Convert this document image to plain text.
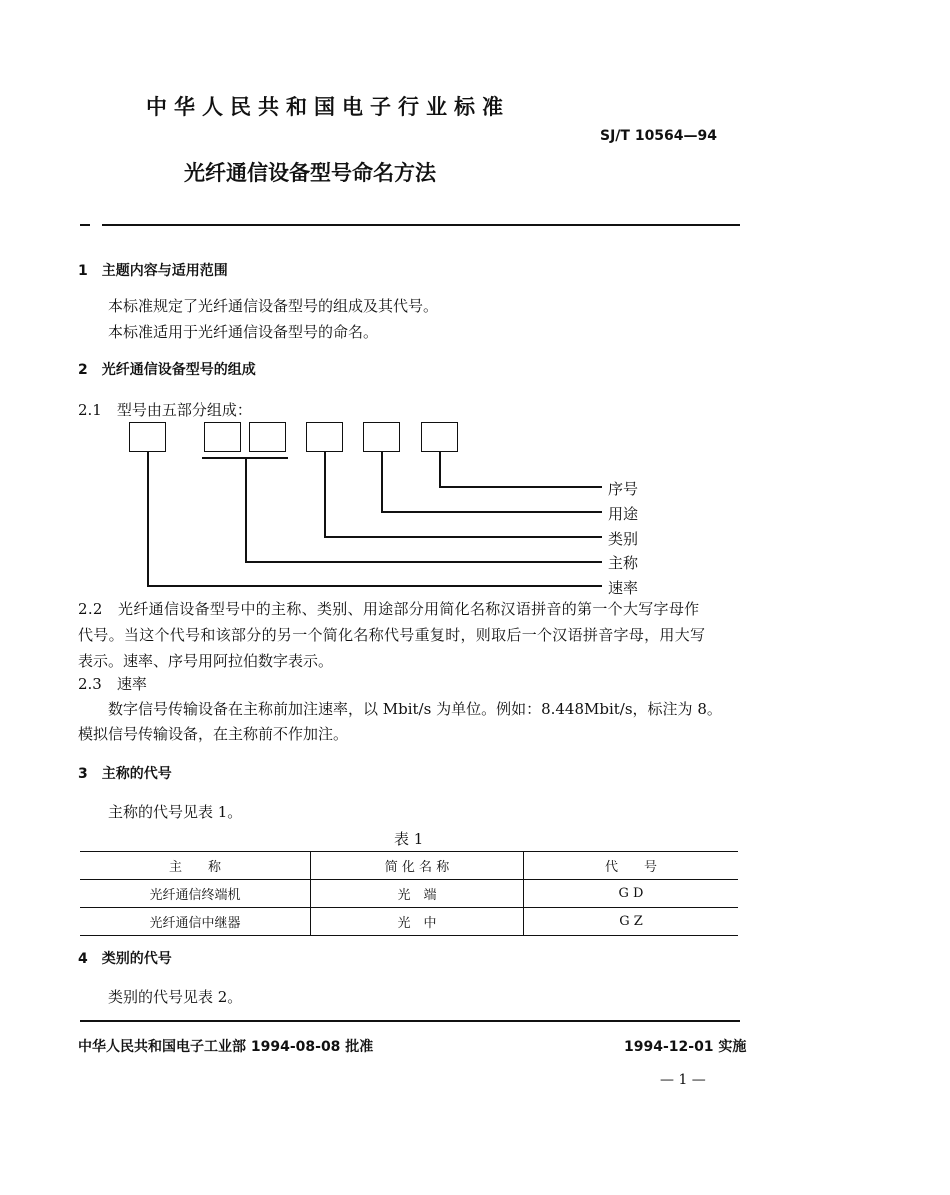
中华人民共和国电子行业标准
SJ/T 10564—94
光纤通信设备型号命名方法
1　主题内容与适用范围
本标准规定了光纤通信设备型号的组成及其代号。
本标准适用于光纤通信设备型号的命名。
2　光纤通信设备型号的组成
2.1　型号由五部分组成：
序号
用途
类别
主称
速率
2.2　光纤通信设备型号中的主称、类别、用途部分用简化名称汉语拼音的第一个大写字母作
代号。当这个代号和该部分的另一个简化名称代号重复时，则取后一个汉语拼音字母，用大写
表示。速率、序号用阿拉伯数字表示。
2.3　速率
数字信号传输设备在主称前加注速率，以 Mbit/s 为单位。例如：8.448Mbit/s，标注为 8。
模拟信号传输设备，在主称前不作加注。
3　主称的代号
主称的代号见表 1。
表 1
主　　称	简 化 名 称	代　　号
光纤通信终端机	光　端	G D
光纤通信中继器	光　中	G Z
4　类别的代号
类别的代号见表 2。
中华人民共和国电子工业部 1994-08-08 批准	1994-12-01 实施
— 1 —
